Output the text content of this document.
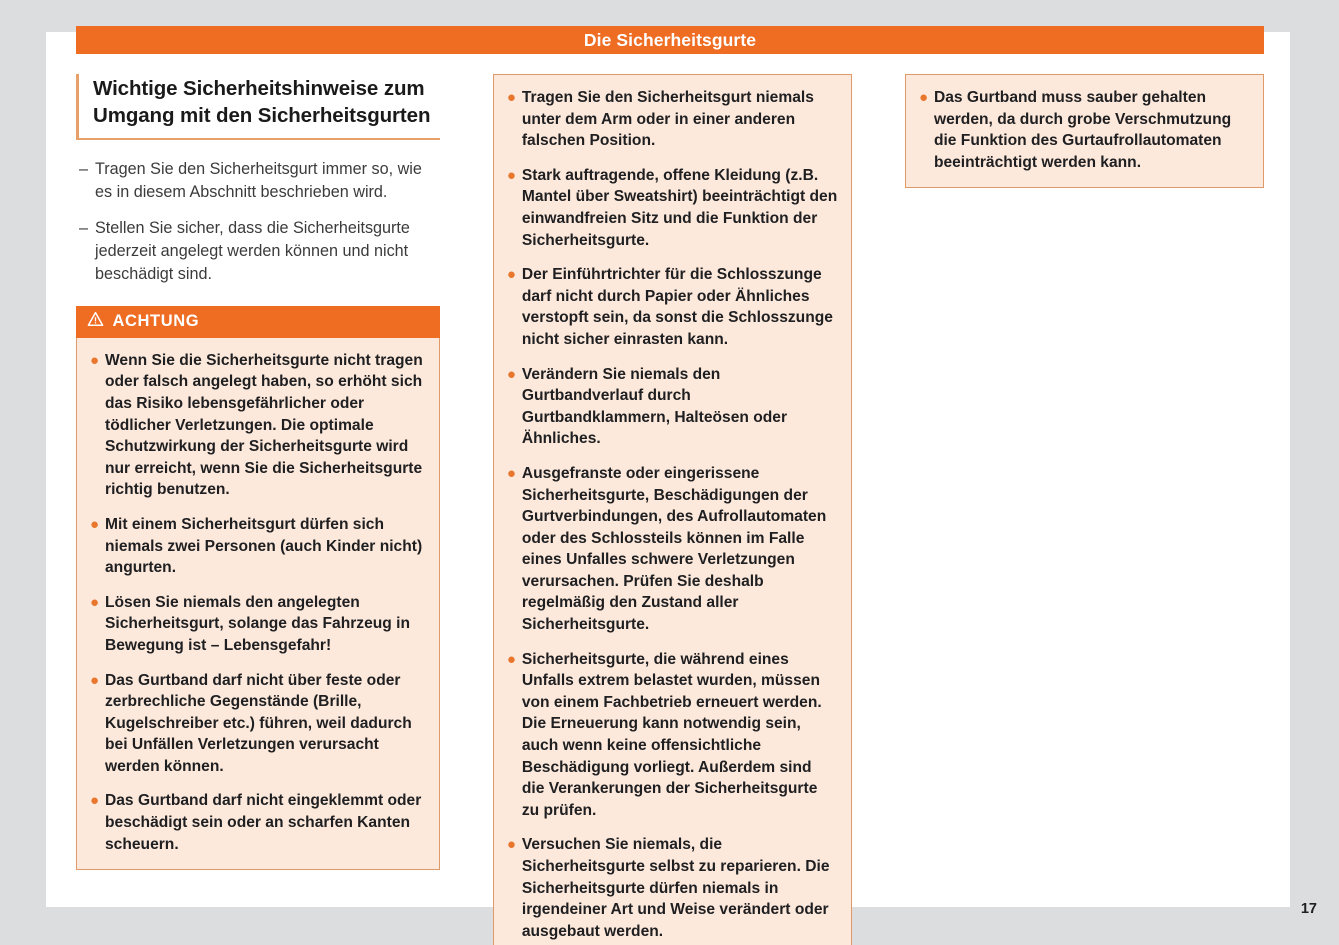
Die Sicherheitsgurte
Wichtige Sicherheitshinweise zum Umgang mit den Sicherheitsgurten
– Tragen Sie den Sicherheitsgurt immer so, wie es in diesem Abschnitt beschrieben wird.
– Stellen Sie sicher, dass die Sicherheitsgurte jederzeit angelegt werden können und nicht beschädigt sind.
ACHTUNG
● Wenn Sie die Sicherheitsgurte nicht tragen oder falsch angelegt haben, so erhöht sich das Risiko lebensgefährlicher oder tödlicher Verletzungen. Die optimale Schutzwirkung der Sicherheitsgurte wird nur erreicht, wenn Sie die Sicherheitsgurte richtig benutzen.
● Mit einem Sicherheitsgurt dürfen sich niemals zwei Personen (auch Kinder nicht) angurten.
● Lösen Sie niemals den angelegten Sicherheitsgurt, solange das Fahrzeug in Bewegung ist – Lebensgefahr!
● Das Gurtband darf nicht über feste oder zerbrechliche Gegenstände (Brille, Kugelschreiber etc.) führen, weil dadurch bei Unfällen Verletzungen verursacht werden können.
● Das Gurtband darf nicht eingeklemmt oder beschädigt sein oder an scharfen Kanten scheuern.
● Tragen Sie den Sicherheitsgurt niemals unter dem Arm oder in einer anderen falschen Position.
● Stark auftragende, offene Kleidung (z.B. Mantel über Sweatshirt) beeinträchtigt den einwandfreien Sitz und die Funktion der Sicherheitsgurte.
● Der Einführtrichter für die Schlosszunge darf nicht durch Papier oder Ähnliches verstopft sein, da sonst die Schlosszunge nicht sicher einrasten kann.
● Verändern Sie niemals den Gurtbandverlauf durch Gurtbandklammern, Halteösen oder Ähnliches.
● Ausgefranste oder eingerissene Sicherheitsgurte, Beschädigungen der Gurtverbindungen, des Aufrollautomaten oder des Schlossteils können im Falle eines Unfalles schwere Verletzungen verursachen. Prüfen Sie deshalb regelmäßig den Zustand aller Sicherheitsgurte.
● Sicherheitsgurte, die während eines Unfalls extrem belastet wurden, müssen von einem Fachbetrieb erneuert werden. Die Erneuerung kann notwendig sein, auch wenn keine offensichtliche Beschädigung vorliegt. Außerdem sind die Verankerungen der Sicherheitsgurte zu prüfen.
● Versuchen Sie niemals, die Sicherheitsgurte selbst zu reparieren. Die Sicherheitsgurte dürfen niemals in irgendeiner Art und Weise verändert oder ausgebaut werden.
● Das Gurtband muss sauber gehalten werden, da durch grobe Verschmutzung die Funktion des Gurtaufrollautomaten beeinträchtigt werden kann.
17
